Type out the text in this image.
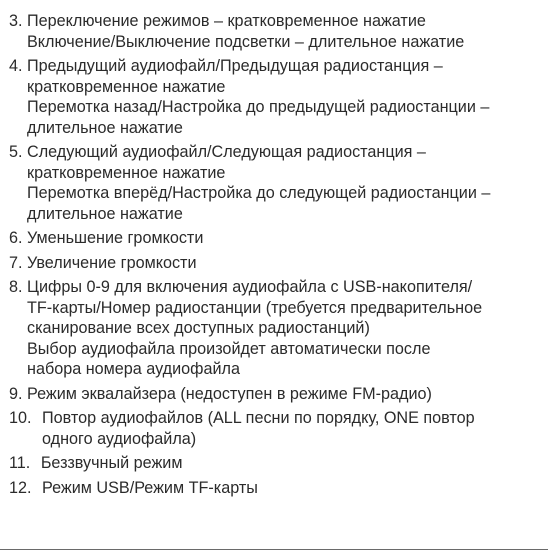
3. Переключение режимов – кратковременное нажатие
Включение/Выключение подсветки – длительное нажатие
4. Предыдущий аудиофайл/Предыдущая радиостанция –
кратковременное нажатие
Перемотка назад/Настройка до предыдущей радиостанции –
длительное нажатие
5. Следующий аудиофайл/Следующая радиостанция –
кратковременное нажатие
Перемотка вперёд/Настройка до следующей радиостанции –
длительное нажатие
6. Уменьшение громкости
7. Увеличение громкости
8. Цифры 0-9 для включения аудиофайла с USB-накопителя/
TF-карты/Номер радиостанции (требуется предварительное
сканирование всех доступных радиостанций)
Выбор аудиофайла произойдет автоматически после
набора номера аудиофайла
9. Режим эквалайзера (недоступен в режиме FM-радио)
10. Повтор аудиофайлов (ALL песни по порядку, ONE повтор
одного аудиофайла)
11. Беззвучный режим
12. Режим USB/Режим TF-карты
